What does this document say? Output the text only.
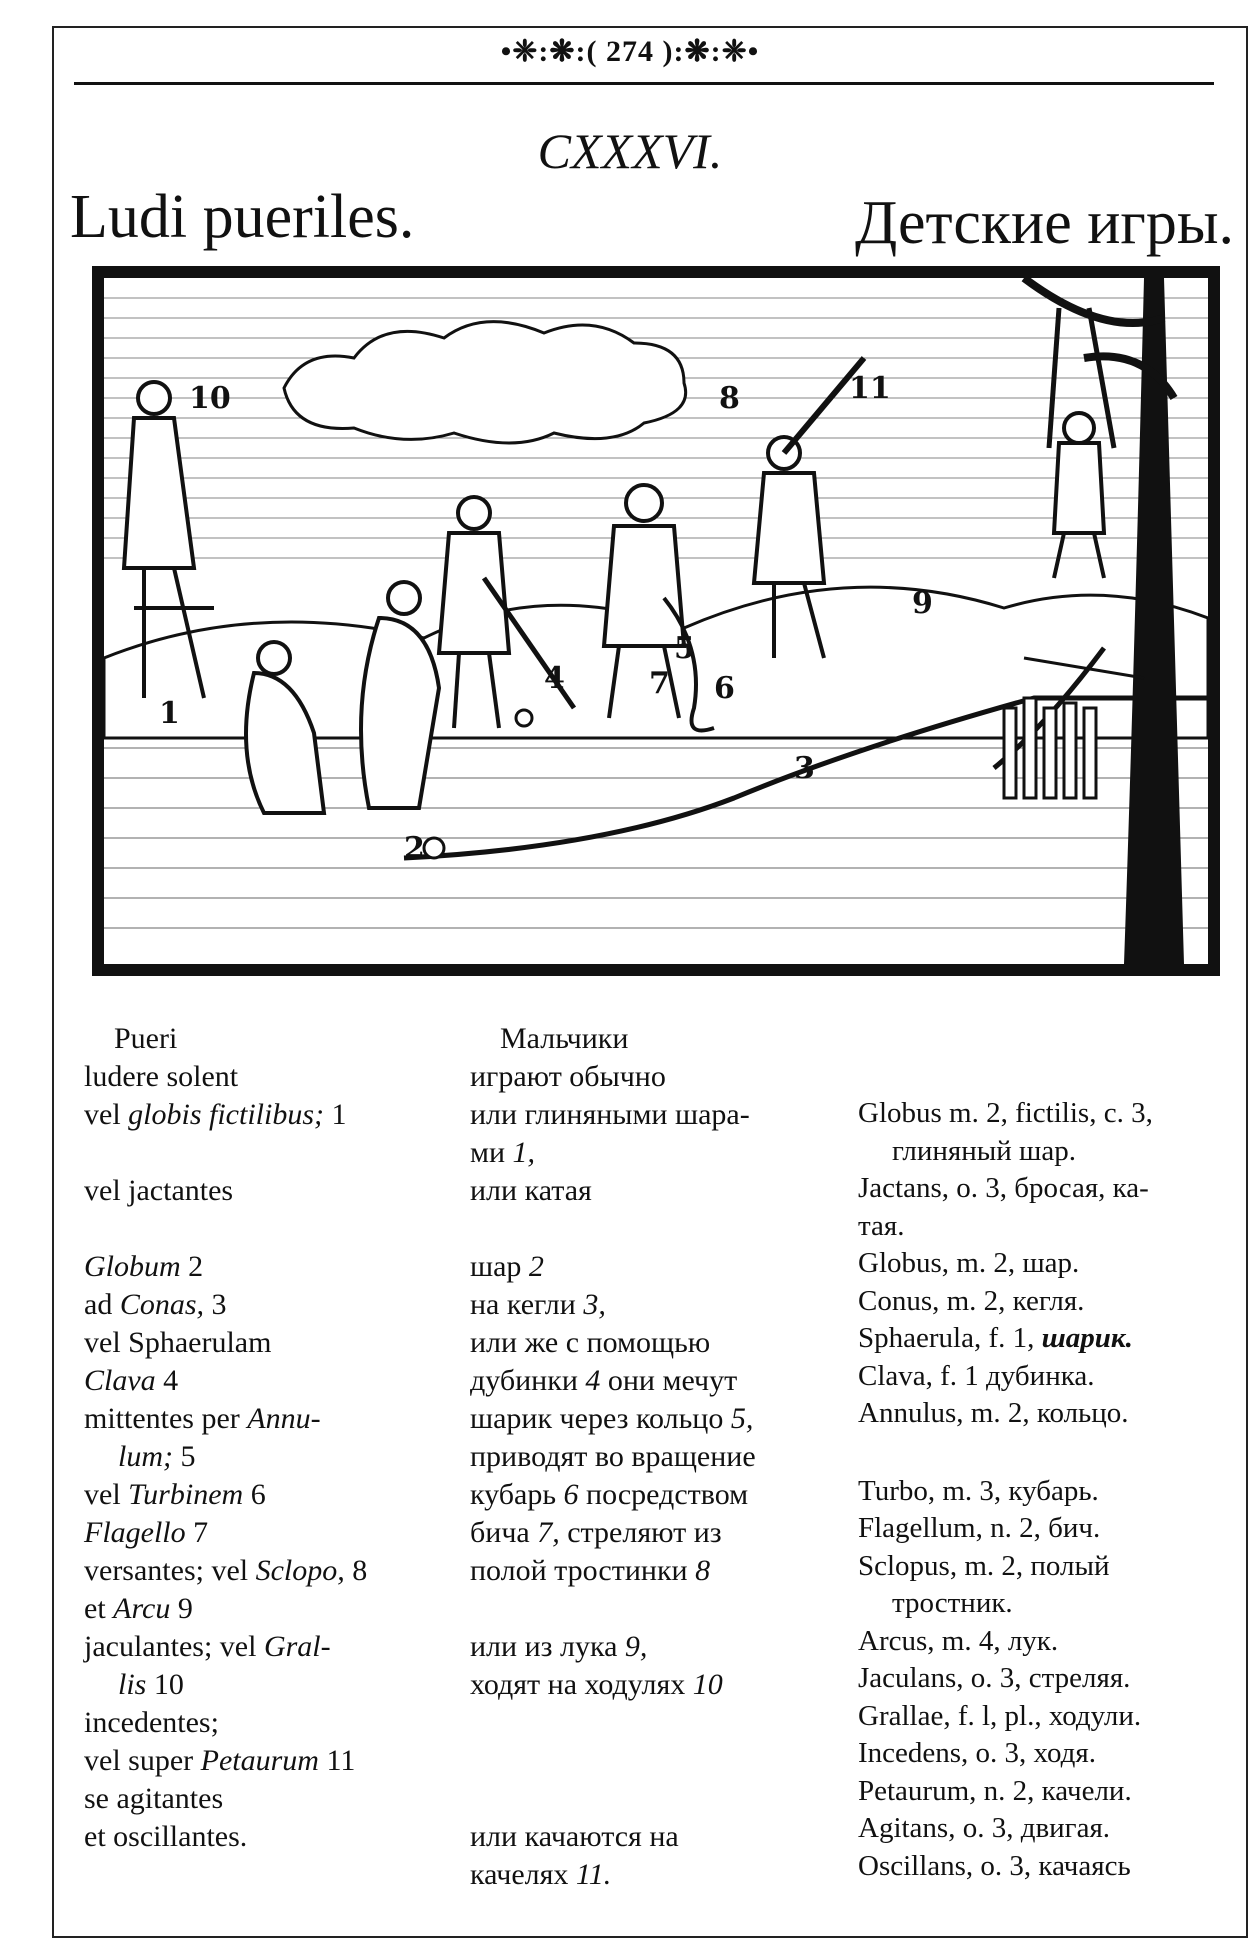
•❈:❋:( 274 ):❋:❈•
CXXXVI.
Ludi pueriles.	Детские игры.
1
2
3
4
5
6
7
8
9
10	11
Pueri
ludere solent
vel globis fictilibus; 1
vel jactantes
Globum 2
ad Conas, 3
vel Sphaerulam
Clava 4
mittentes per Annu-
lum; 5
vel Turbinem 6
Flagello 7
versantes; vel Sclopo, 8
et Arcu 9
jaculantes; vel Gral-
lis 10
incedentes;
vel super Petaurum 11
se agitantes
et oscillantes.
Мальчики
играют обычно
или глиняными шара-
ми 1,
или катая
шар 2
на кегли 3,
или же с помощью
дубинки 4 они мечут
шарик через кольцо 5,
приводят во вращение
кубарь 6 посредством
бича 7, стреляют из
полой тростинки 8
или из лука 9,
ходят на ходулях 10
или качаются на
качелях 11.
Globus m. 2, fictilis, c. 3,
глиняный шар.
Jactans, o. 3, бросая, ка-
тая.
Globus, m. 2, шар.
Conus, m. 2, кегля.
Sphaerula, f. 1, шарик.
Clava, f. 1 дубинка.
Annulus, m. 2, кольцо.
Turbo, m. 3, кубарь.
Flagellum, n. 2, бич.
Sclopus, m. 2, полый
тростник.
Arcus, m. 4, лук.
Jaculans, o. 3, стреляя.
Grallae, f. l, pl., ходули.
Incedens, o. 3, ходя.
Petaurum, n. 2, качели.
Agitans, o. 3, двигая.
Oscillans, o. 3, качаясь
